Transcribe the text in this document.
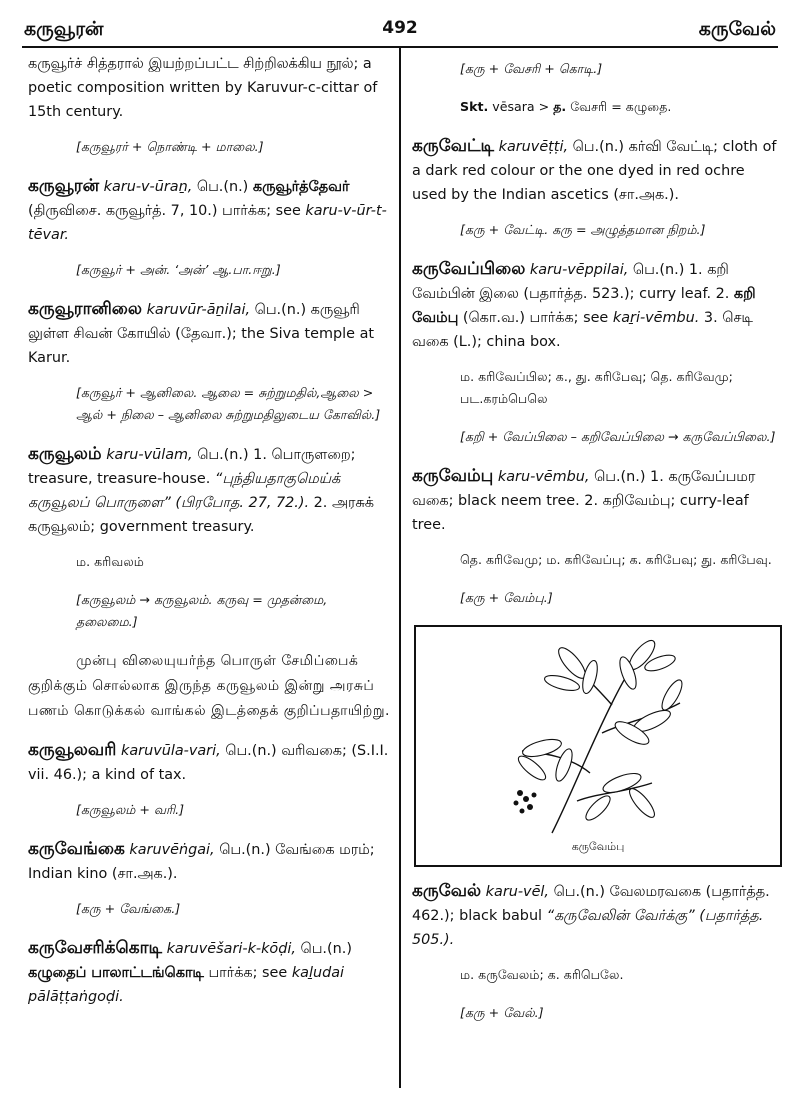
கருவூரன்	492	கருவேல்
கருவூர்ச் சித்தரால் இயற்றப்பட்ட சிற்றிலக்கிய நூல்; a poetic composition written by Karuvur-c-cittar of 15th century.
[கருவூரர் + நொண்டி + மாலை.]
கருவூரன் karu-v-ūraṉ, பெ.(n.) கருவூர்த்தேவர் (திருவிசை. கருவூர்த். 7, 10.) பார்க்க; see karu-v-ūr-t-tēvar.
[கருவூர் + அன். ‘அன்’ ஆ.பா.ஈறு.]
கருவூரானிலை karuvūr-āṉilai, பெ.(n.) கருவூரி லுள்ள சிவன் கோயில் (தேவா.); the Siva temple at Karur.
[கருவூர் + ஆனிலை. ஆலை = சுற்றுமதில்,ஆலை > ஆல் + நிலை – ஆனிலை சுற்றுமதிலுடைய கோவில்.]
கருவூலம் karu-vūlam, பெ.(n.) 1. பொருளறை; treasure, treasure-house. “புந்தியதாகுமெய்க் கருவூலப் பொருளை” (பிரபோத. 27, 72.). 2. அரசுக் கருவூலம்; government treasury.
ம. கரிவலம்
[கருவூலம் → கருவூலம். கருவு = முதன்மை, தலைமை.]
முன்பு விலையுயர்ந்த பொருள் சேமிப்பைக் குறிக்கும் சொல்லாக இருந்த கருவூலம் இன்று அரசுப் பணம் கொடுக்கல் வாங்கல் இடத்தைக் குறிப்பதாயிற்று.
கருவூலவரி karuvūla-vari, பெ.(n.) வரிவகை; (S.I.I. vii. 46.); a kind of tax.
[கருவூலம் + வரி.]
கருவேங்கை karuvēṅgai, பெ.(n.) வேங்கை மரம்; Indian kino (சா.அக.).
[கரு + வேங்கை.]
கருவேசரிக்கொடி karuvēšari-k-kōḍi, பெ.(n.) கழுதைப் பாலாட்டங்கொடி பார்க்க; see kaḻudai pālāṭṭaṅgoḍi.
[கரு + வேசரி + கொடி.]
Skt. vēsara > த. வேசரி = கழுதை.
கருவேட்டி karuvēṭṭi, பெ.(n.) கர்வி வேட்டி; cloth of a dark red colour or the one dyed in red ochre used by the Indian ascetics (சா.அக.).
[கரு + வேட்டி. கரு = அழுத்தமான நிறம்.]
கருவேப்பிலை karu-vēppilai, பெ.(n.) 1. கறி வேம்பின் இலை (பதார்த்த. 523.); curry leaf. 2. கறி வேம்பு (கொ.வ.) பார்க்க; see kaṟi-vēmbu. 3. செடி வகை (L.); china box.
ம. கரிவேப்பில; க., து. கரிபேவு; தெ. கரிவேமு; பட.கரம்பெலெ
[கறி + வேப்பிலை – கறிவேப்பிலை → கருவேப்பிலை.]
கருவேம்பு karu-vēmbu, பெ.(n.) 1. கருவேப்பமர வகை; black neem tree. 2. கறிவேம்பு; curry-leaf tree.
தெ. கரிவேமு; ம. கரிவேப்பு; க. கரிபேவு; து. கரிபேவு.
[கரு + வேம்பு.]
கருவேம்பு
கருவேல் karu-vēl, பெ.(n.) வேலமரவகை (பதார்த்த. 462.); black babul “கருவேலின் வேர்க்கு” (பதார்த்த. 505.).
ம. கருவேலம்; க. கரிபெலே.
[கரு + வேல்.]
